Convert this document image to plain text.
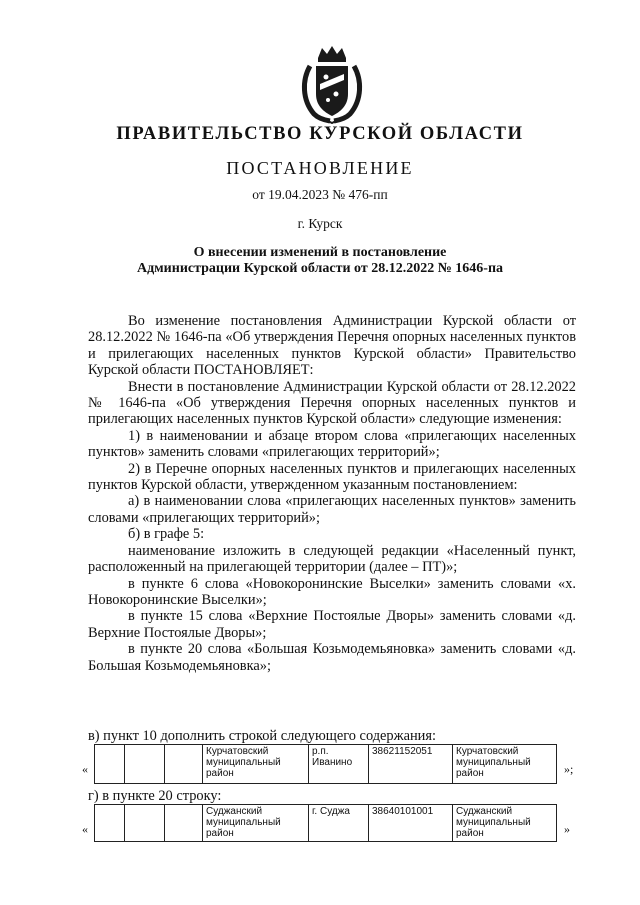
ПРАВИТЕЛЬСТВО КУРСКОЙ ОБЛАСТИ
ПОСТАНОВЛЕНИЕ
от 19.04.2023 № 476-пп
г. Курск
О внесении изменений в постановление
Администрации Курской области от 28.12.2022 № 1646-па

Во изменение постановления Администрации Курской области от 28.12.2022 № 1646-па «Об утверждения Перечня опорных населенных пунктов и прилегающих населенных пунктов Курской области» Правительство Курской области ПОСТАНОВЛЯЕТ:

Внести в постановление Администрации Курской области от 28.12.2022 № 1646-па «Об утверждения Перечня опорных населенных пунктов и прилегающих населенных пунктов Курской области» следующие изменения:

1) в наименовании и абзаце втором слова «прилегающих населенных пунктов» заменить словами «прилегающих территорий»;

2) в Перечне опорных населенных пунктов и прилегающих населенных пунктов Курской области, утвержденном указанным постановлением:

а) в наименовании слова «прилегающих населенных пунктов» заменить словами «прилегающих территорий»;

б) в графе 5:

наименование изложить в следующей редакции «Населенный пункт, расположенный на прилегающей территории (далее – ПТ)»;

в пункте 6 слова «Новокоронинские Выселки» заменить словами «х. Новокоронинские Выселки»;

в пункте 15 слова «Верхние Постоялые Дворы» заменить словами «д. Верхние Постоялые Дворы»;

в пункте 20 слова «Большая Козьмодемьяновка» заменить словами «д. Большая Козьмодемьяновка»;

в) пункт 10 дополнить строкой следующего содержания:
«
			Курчатовский муниципальный район	р.п. Иванино	38621152051	Курчатовский муниципальный район	»;
г) в пункте 20 строку:
«
			Суджанский муниципальный район	г. Суджа	38640101001	Суджанский муниципальный район	»
